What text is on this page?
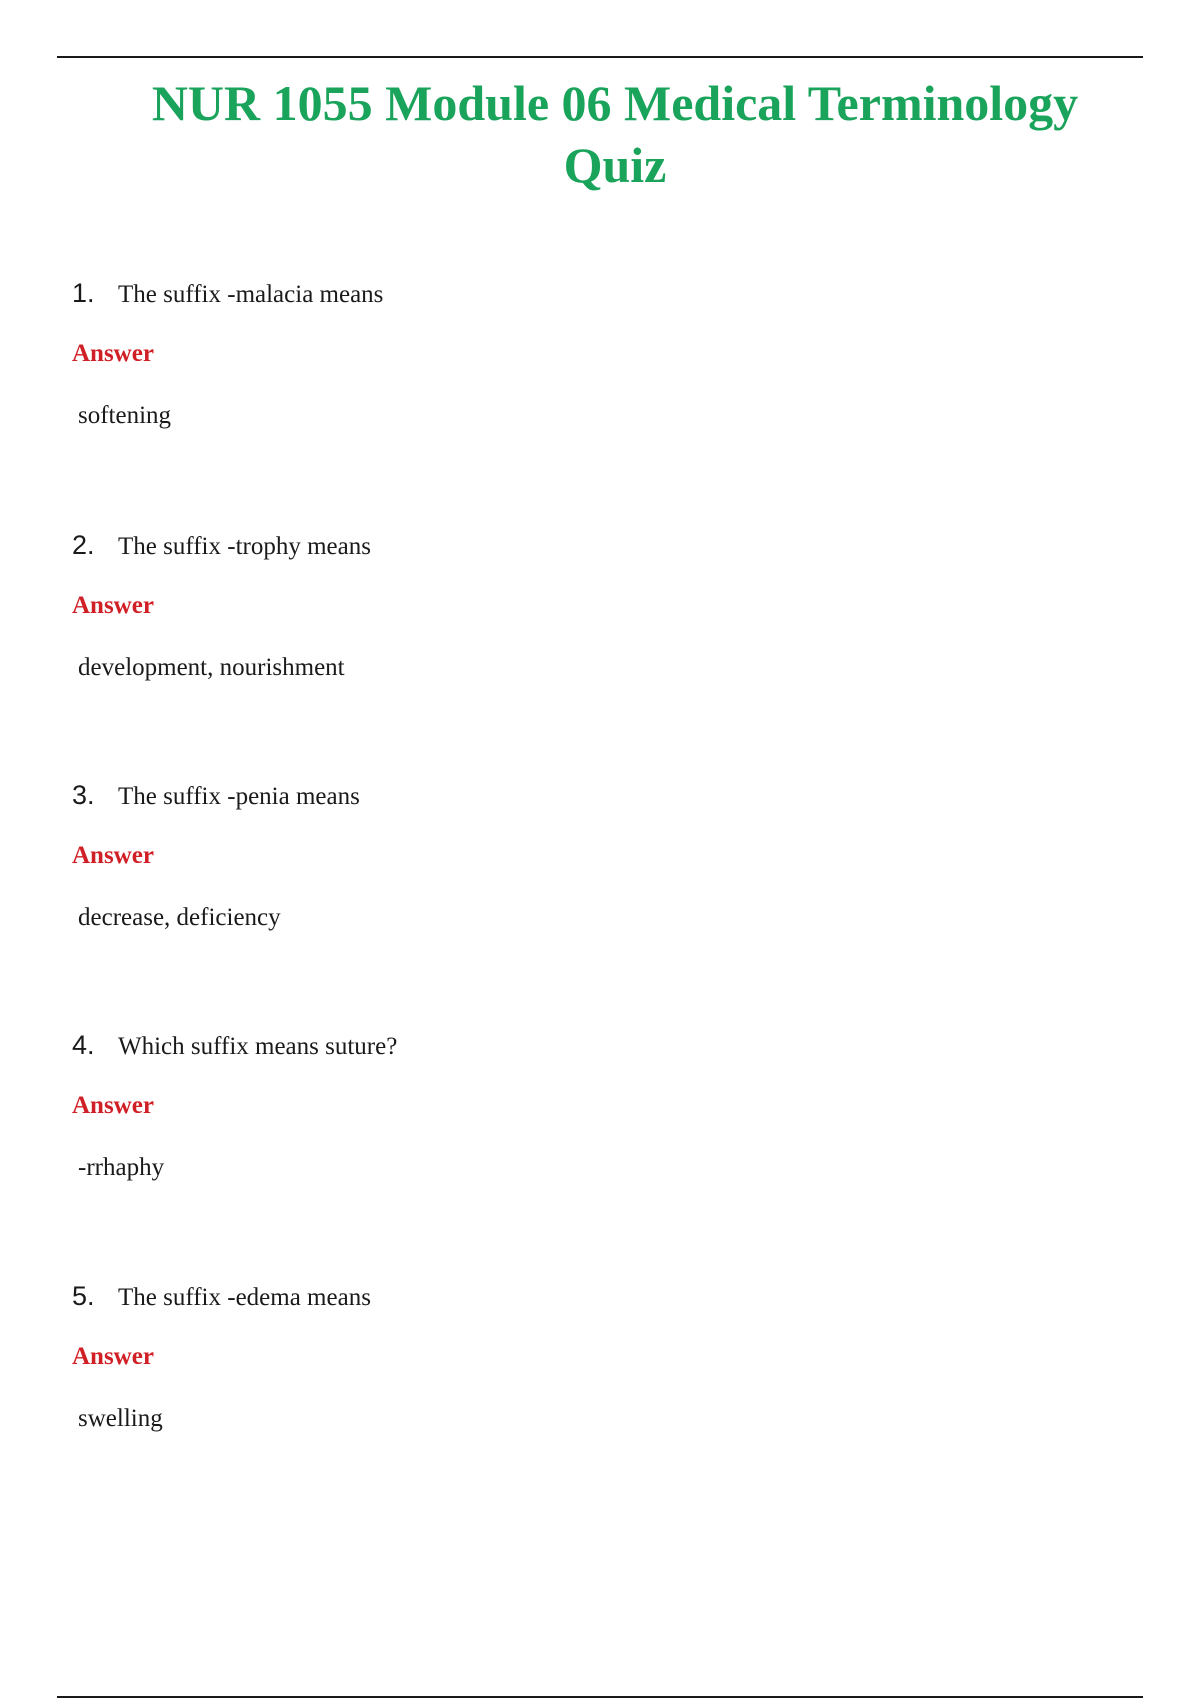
NUR 1055 Module 06 Medical Terminology Quiz
1. The suffix -malacia means
Answer
softening
2. The suffix -trophy means
Answer
development, nourishment
3. The suffix -penia means
Answer
decrease, deficiency
4. Which suffix means suture?
Answer
-rrhaphy
5. The suffix -edema means
Answer
swelling
